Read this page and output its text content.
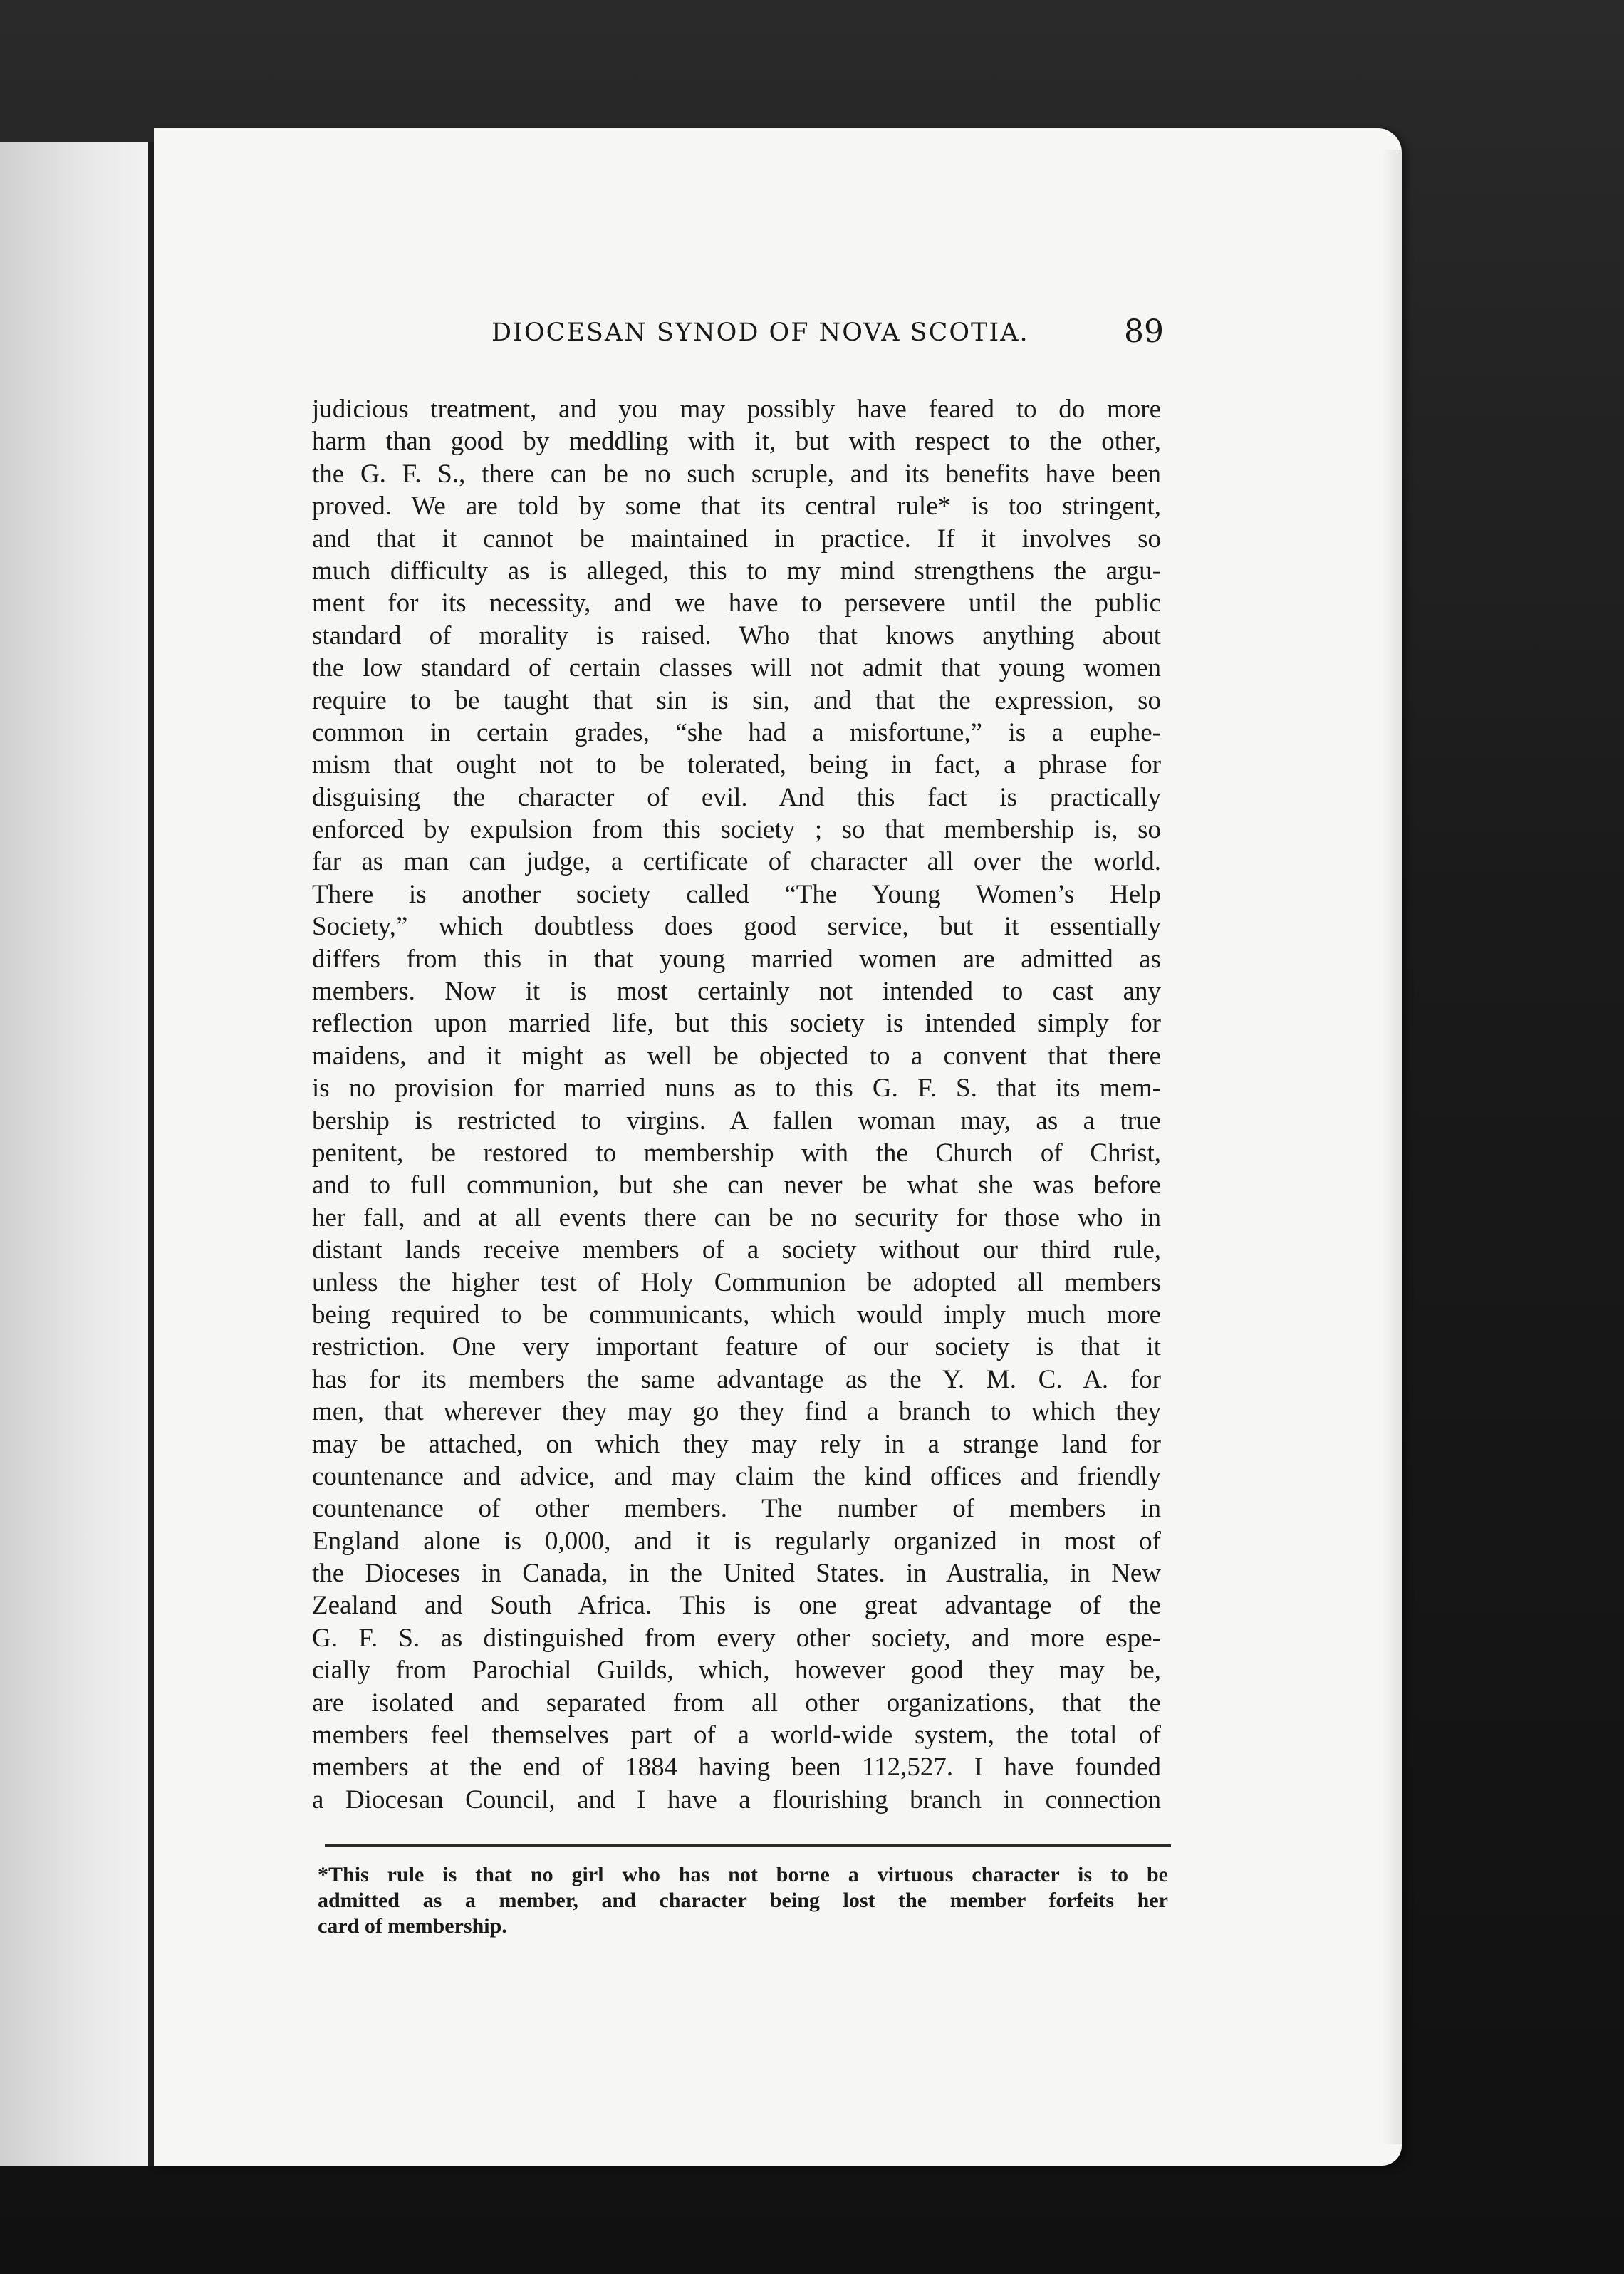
DIOCESAN SYNOD OF NOVA SCOTIA.	89
judicious treatment, and you may possibly have feared to do more
harm than good by meddling with it, but with respect to the other,
the G. F. S., there can be no such scruple, and its benefits have been
proved. We are told by some that its central rule* is too stringent,
and that it cannot be maintained in practice. If it involves so
much difficulty as is alleged, this to my mind strengthens the argu-
ment for its necessity, and we have to persevere until the public
standard of morality is raised. Who that knows anything about
the low standard of certain classes will not admit that young women
require to be taught that sin is sin, and that the expression, so
common in certain grades, “she had a misfortune,” is a euphe-
mism that ought not to be tolerated, being in fact, a phrase for
disguising the character of evil. And this fact is practically
enforced by expulsion from this society ; so that membership is, so
far as man can judge, a certificate of character all over the world.
There is another society called “The Young Women’s Help
Society,” which doubtless does good service, but it essentially
differs from this in that young married women are admitted as
members. Now it is most certainly not intended to cast any
reflection upon married life, but this society is intended simply for
maidens, and it might as well be objected to a convent that there
is no provision for married nuns as to this G. F. S. that its mem-
bership is restricted to virgins. A fallen woman may, as a true
penitent, be restored to membership with the Church of Christ,
and to full communion, but she can never be what she was before
her fall, and at all events there can be no security for those who in
distant lands receive members of a society without our third rule,
unless the higher test of Holy Communion be adopted all members
being required to be communicants, which would imply much more
restriction. One very important feature of our society is that it
has for its members the same advantage as the Y. M. C. A. for
men, that wherever they may go they find a branch to which they
may be attached, on which they may rely in a strange land for
countenance and advice, and may claim the kind offices and friendly
countenance of other members. The number of members in
England alone is 0,000, and it is regularly organized in most of
the Dioceses in Canada, in the United States. in Australia, in New
Zealand and South Africa. This is one great advantage of the
G. F. S. as distinguished from every other society, and more espe-
cially from Parochial Guilds, which, however good they may be,
are isolated and separated from all other organizations, that the
members feel themselves part of a world-wide system, the total of
members at the end of 1884 having been 112,527. I have founded
a Diocesan Council, and I have a flourishing branch in connection
*This rule is that no girl who has not borne a virtuous character is to be
admitted as a member, and character being lost the member forfeits her
card of membership.
